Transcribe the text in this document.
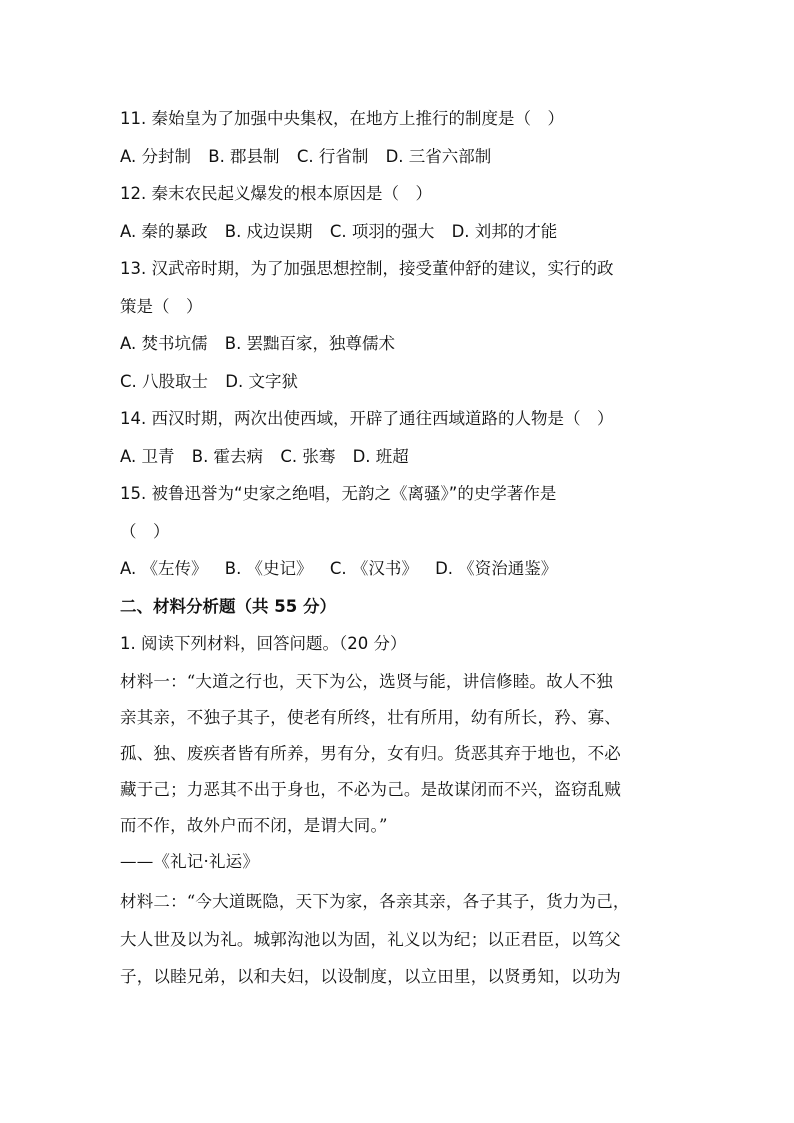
11. 秦始皇为了加强中央集权，在地方上推行的制度是（　）
A. 分封制 B. 郡县制 C. 行省制 D. 三省六部制
12. 秦末农民起义爆发的根本原因是（　）
A. 秦的暴政 B. 戍边误期 C. 项羽的强大 D. 刘邦的才能
13. 汉武帝时期，为了加强思想控制，接受董仲舒的建议，实行的政
策是（　）
A. 焚书坑儒 B. 罢黜百家，独尊儒术
C. 八股取士 D. 文字狱
14. 西汉时期，两次出使西域，开辟了通往西域道路的人物是（　）
A. 卫青 B. 霍去病 C. 张骞 D. 班超
15. 被鲁迅誉为“史家之绝唱，无韵之《离骚》”的史学著作是
（　）
A. 《左传》 B. 《史记》 C. 《汉书》 D. 《资治通鉴》
二、材料分析题（共 55 分）
1. 阅读下列材料，回答问题。（20 分）
材料一：“大道之行也，天下为公，选贤与能，讲信修睦。故人不独
亲其亲，不独子其子，使老有所终，壮有所用，幼有所长，矜、寡、
孤、独、废疾者皆有所养，男有分，女有归。货恶其弃于地也，不必
藏于己；力恶其不出于身也，不必为己。是故谋闭而不兴，盗窃乱贼
而不作，故外户而不闭，是谓大同。”
——《礼记·礼运》
材料二：“今大道既隐，天下为家，各亲其亲，各子其子，货力为己，
大人世及以为礼。城郭沟池以为固，礼义以为纪；以正君臣，以笃父
子，以睦兄弟，以和夫妇，以设制度，以立田里，以贤勇知，以功为
